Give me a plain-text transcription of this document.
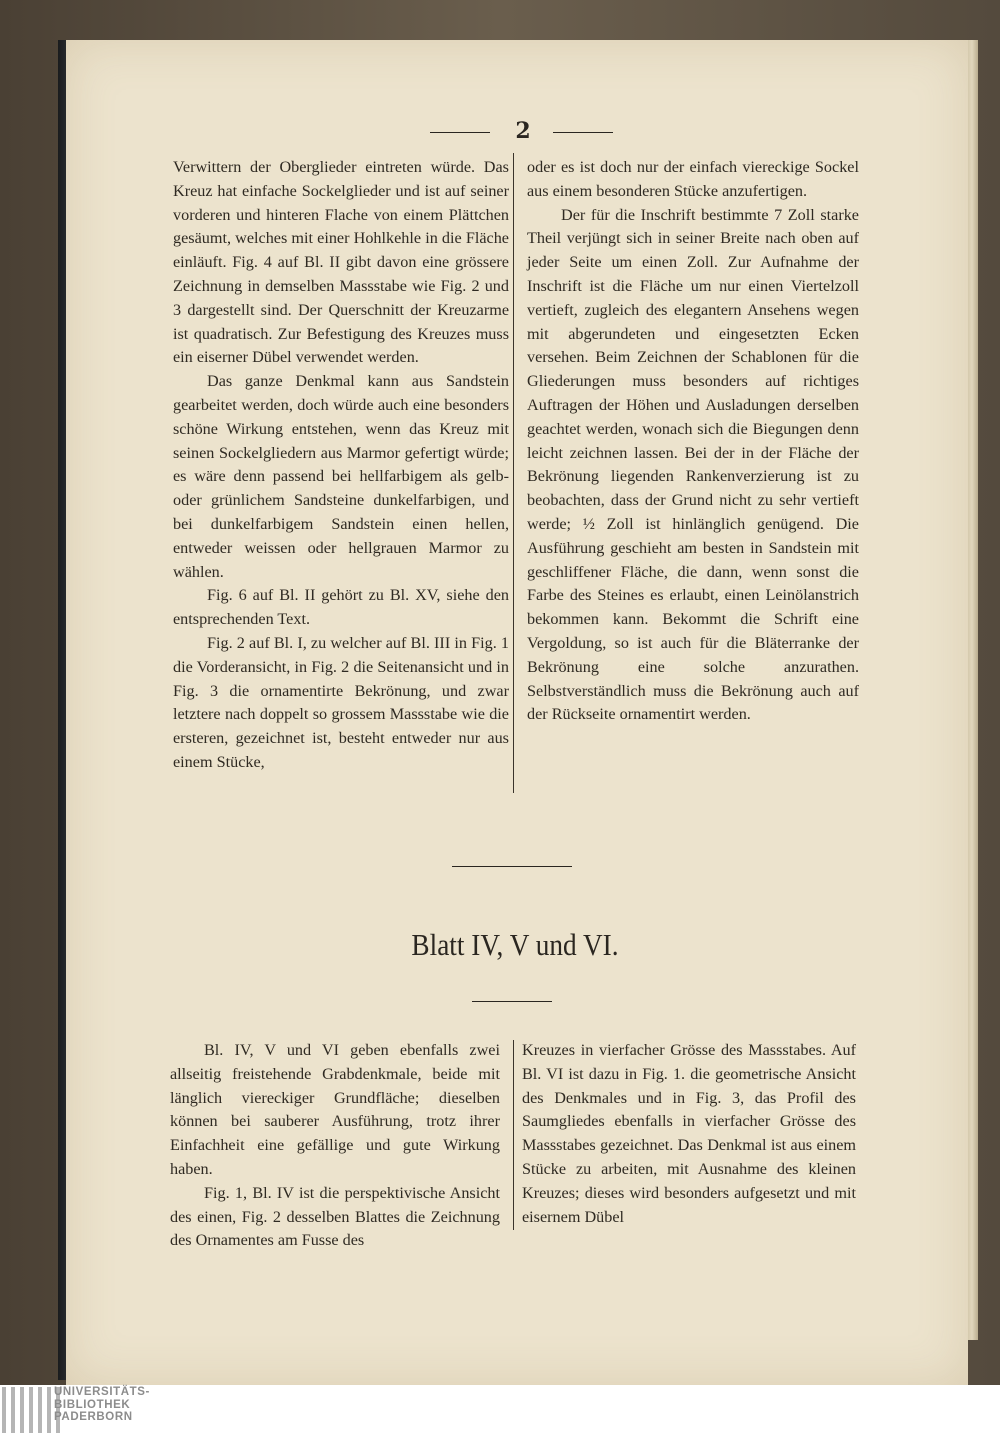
2

Verwittern der Oberglieder eintreten würde. Das Kreuz hat einfache Sockelglieder und ist auf seiner vorderen und hinteren Flache von einem Plättchen gesäumt, welches mit einer Hohlkehle in die Fläche einläuft. Fig. 4 auf Bl. II gibt davon eine grössere Zeichnung in demselben Massstabe wie Fig. 2 und 3 dargestellt sind. Der Querschnitt der Kreuzarme ist quadratisch. Zur Befestigung des Kreuzes muss ein eiserner Dübel verwendet werden.

Das ganze Denkmal kann aus Sandstein gearbeitet werden, doch würde auch eine besonders schöne Wirkung entstehen, wenn das Kreuz mit seinen Sockelgliedern aus Marmor gefertigt würde; es wäre denn passend bei hellfarbigem als gelb- oder grünlichem Sandsteine dunkelfarbigen, und bei dunkelfarbigem Sandstein einen hellen, entweder weissen oder hellgrauen Marmor zu wählen.

Fig. 6 auf Bl. II gehört zu Bl. XV, siehe den entsprechenden Text.

Fig. 2 auf Bl. I, zu welcher auf Bl. III in Fig. 1 die Vorderansicht, in Fig. 2 die Seitenansicht und in Fig. 3 die ornamentirte Bekrönung, und zwar letztere nach doppelt so grossem Massstabe wie die ersteren, gezeichnet ist, besteht entweder nur aus einem Stücke,

oder es ist doch nur der einfach viereckige Sockel aus einem besonderen Stücke anzufertigen.

Der für die Inschrift bestimmte 7 Zoll starke Theil verjüngt sich in seiner Breite nach oben auf jeder Seite um einen Zoll. Zur Aufnahme der Inschrift ist die Fläche um nur einen Viertelzoll vertieft, zugleich des elegantern Ansehens wegen mit abgerundeten und eingesetzten Ecken versehen. Beim Zeichnen der Schablonen für die Gliederungen muss besonders auf richtiges Auftragen der Höhen und Ausladungen derselben geachtet werden, wonach sich die Biegungen denn leicht zeichnen lassen. Bei der in der Fläche der Bekrönung liegenden Rankenverzierung ist zu beobachten, dass der Grund nicht zu sehr vertieft werde; ½ Zoll ist hinlänglich genügend. Die Ausführung geschieht am besten in Sandstein mit geschliffener Fläche, die dann, wenn sonst die Farbe des Steines es erlaubt, einen Leinölanstrich bekommen kann. Bekommt die Schrift eine Vergoldung, so ist auch für die Bläterranke der Bekrönung eine solche anzurathen. Selbstverständlich muss die Bekrönung auch auf der Rückseite ornamentirt werden.

Blatt IV, V und VI.

Bl. IV, V und VI geben ebenfalls zwei allseitig freistehende Grabdenkmale, beide mit länglich viereckiger Grundfläche; dieselben können bei sauberer Ausführung, trotz ihrer Einfachheit eine gefällige und gute Wirkung haben.

Fig. 1, Bl. IV ist die perspektivische Ansicht des einen, Fig. 2 desselben Blattes die Zeichnung des Ornamentes am Fusse des

Kreuzes in vierfacher Grösse des Massstabes. Auf Bl. VI ist dazu in Fig. 1. die geometrische Ansicht des Denkmales und in Fig. 3, das Profil des Saumgliedes ebenfalls in vierfacher Grösse des Massstabes gezeichnet. Das Denkmal ist aus einem Stücke zu arbeiten, mit Ausnahme des kleinen Kreuzes; dieses wird besonders aufgesetzt und mit eisernem Dübel

UNIVERSITÄTS-
BIBLIOTHEK
PADERBORN
